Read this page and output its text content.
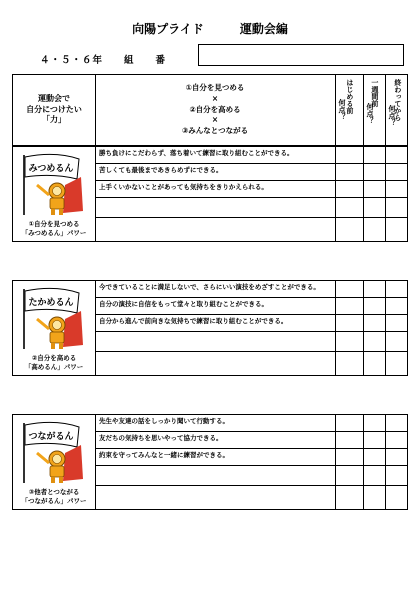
向陽プライド　　　運動会編
４・５・６年　　組　　番
運動会で
自分につけたい
「力」
①自分を見つめる
×
②自分を高める
×
③みんなとつながる
はじめる前 一週間前 終わってから
何点？	何点？ 何点？
みつめるん
①自分を見つめる
「みつめるん」パワー
勝ち負けにこだわらず、落ち着いて練習に取り組むことができる。
苦しくても最後まであきらめずにできる。
上手くいかないことがあっても気持ちをきりかえられる。
たかめるん
②自分を高める
「高めるん」パワー
今できていることに満足しないで、さらにいい演技をめざすことができる。
自分の演技に自信をもって堂々と取り組むことができる。
自分から進んで前向きな気持ちで練習に取り組むことができる。
つながるん
③他者とつながる
「つながるん」パワー
先生や友達の話をしっかり聞いて行動する。
友だちの気持ちを思いやって協力できる。
約束を守ってみんなと一緒に練習ができる。
